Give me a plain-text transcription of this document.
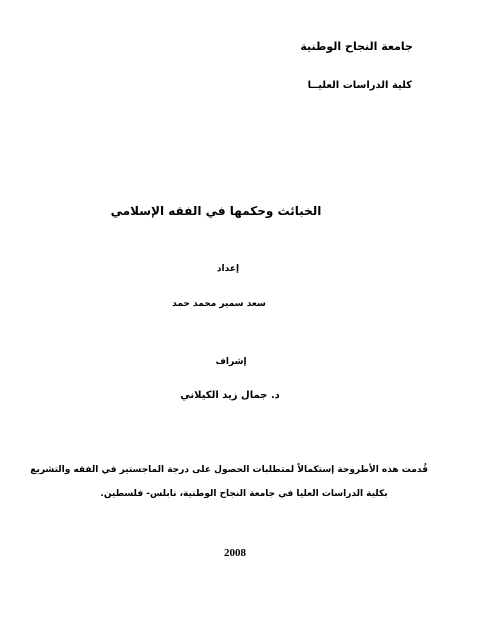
جامعة النجاح الوطنية
كلية الدراسات العليــا
الخبائث وحكمها في الفقه الإسلامي
إعداد
سعد سمير محمد حمد
إشراف
د. جمال زيد الكيلاني
قُدمت هذه الأطروحة إستكمالاً لمتطلبات الحصول على درجة الماجستير في الفقه والتشريع
بكلية الدراسات العليا في جامعة النجاح الوطنية، نابلس- فلسطين.
2008
